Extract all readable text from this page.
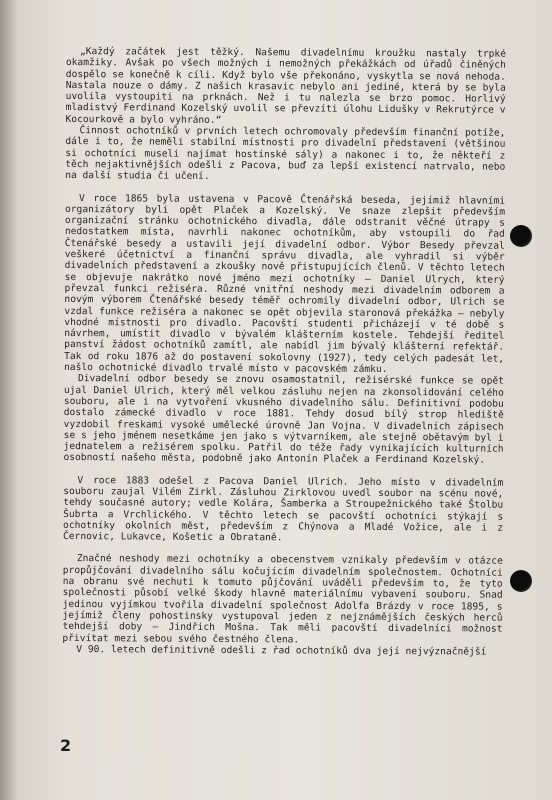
„Každý začátek jest těžký. Našemu divadelnímu kroužku nastaly trpké okamžiky. Avšak po všech možných i nemožných překážkách od úřadů činěných dospělo se konečně k cíli. Když bylo vše překonáno, vyskytla se nová nehoda. Nastala nouze o dámy. Z našich krasavic nebylo ani jediné, která by se byla uvolila vystoupiti na prknách. Než i tu nalezla se brzo pomoc. Horlivý mladistvý Ferdinand Kozelský uvolil se převzíti úlohu Lidušky v Rekrutýrce v Kocourkově a bylo vyhráno.“

Činnost ochotníků v prvních letech ochromovaly především finanční potíže, dále i to, že neměli stabilní místnosti pro divadelní představení (většinou si ochotníci museli najímat hostinské sály) a nakonec i to, že někteří z těch nejaktivnějších odešli z Pacova, buď za lepší existencí natrvalo, nebo na další studia či učení.

V roce 1865 byla ustavena v Pacově Čtenářská beseda, jejímiž hlavními organizátory byli opět Plaček a Kozelský. Ve snaze zlepšit především organizační stránku ochotnického divadla, dále odstranit věčné útrapy s nedostatkem místa, navrhli nakonec ochotníkům, aby vstoupili do řad Čtenářské besedy a ustavili její divadelní odbor. Výbor Besedy převzal veškeré účetnictví a finanční správu divadla, ale vyhradil si výběr divadelních představení a zkoušky nově přistupujících členů. V těchto letech se objevuje nakrátko nové jméno mezi ochotníky – Daniel Ulrych, který převzal funkci režiséra. Různé vnitřní neshody mezi divadelním odborem a novým výborem Čtenářské besedy téměř ochromily divadelní odbor, Ulrich se vzdal funkce režiséra a nakonec se opět objevila staronová překážka – nebyly vhodné místnosti pro divadlo. Pacovští studenti přicházejí v té době s návrhem, umístit divadlo v bývalém klášterním kostele. Tehdejší ředitel panství žádost ochotníků zamítl, ale nabídl jim bývalý klášterní refektář. Tak od roku 1876 až do postavení sokolovny (1927), tedy celých padesát let, našlo ochotnické divadlo trvalé místo v pacovském zámku.

Divadelní odbor besedy se znovu osamostatnil, režisérské funkce se opět ujal Daniel Ulrich, který měl velkou zásluhu nejen na zkonsolidování celého souboru, ale i na vytvoření vkusného divadelního sálu. Definitivní podobu dostalo zámecké divadlo v roce 1881. Tehdy dosud bílý strop hlediště vyzdobil freskami vysoké umělecké úrovně Jan Vojna. V divadelních zápisech se s jeho jménem nesetkáme jen jako s výtvarníkem, ale stejně obětavým byl i jednatelem a režisérem spolku. Patřil do téže řady vynikajících kulturních osobností našeho města, podobně jako Antonín Plaček a Ferdinand Kozelský.

V roce 1883 odešel z Pacova Daniel Ulrich. Jeho místo v divadelním souboru zaujal Vilém Zirkl. Zásluhou Zirklovou uvedl soubor na scénu nové, tehdy současné autory; vedle Kolára, Šamberka a Stroupežnického také Štolbu Šubrta a Vrchlického. V těchto letech se pacovští ochotníci stýkají s ochotníky okolních měst, především z Chýnova a Mladé Vožice, ale i z Černovic, Lukavce, Košetic a Obrataně.

Značné neshody mezi ochotníky a obecenstvem vznikaly především v otázce propůjčování divadelního sálu kočujícím divadelním společnostem. Ochotníci na obranu své nechuti k tomuto půjčování uváděli především to, že tyto společnosti působí velké škody hlavně materiálnímu vybavení souboru. Snad jedinou vyjímkou tvořila divadelní společnost Adolfa Brázdy v roce 1895, s jejímiž členy pohostinsky vystupoval jeden z nejznámějších českých herců tehdejší doby – Jindřich Mošna. Tak měli pacovští divadelníci možnost přivítat mezi sebou svého čestného člena.

V 90. letech definitivně odešli z řad ochotníků dva její nejvýznačnější

2
